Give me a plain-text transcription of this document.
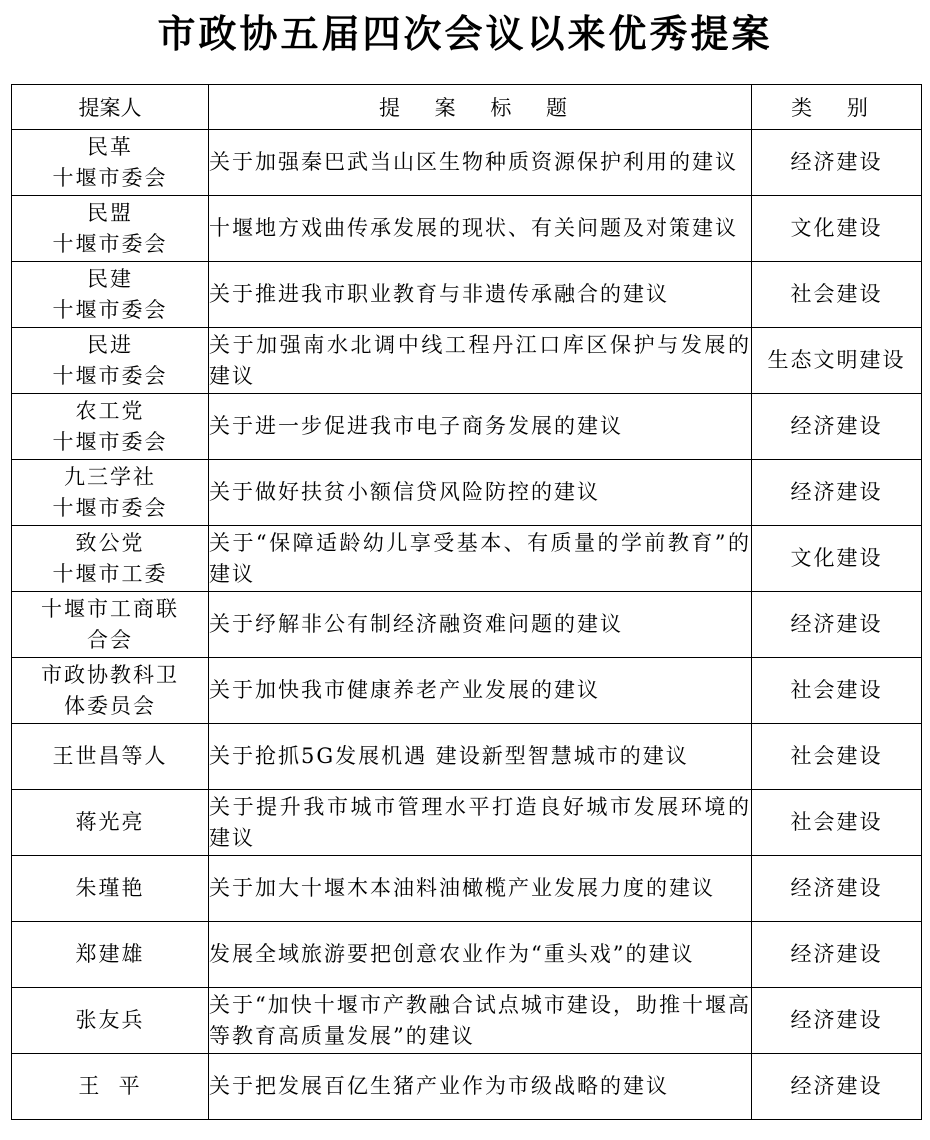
市政协五届四次会议以来优秀提案
提案人	提 案 标 题	类 别

民革
十堰市委会	关于加强秦巴武当山区生物种质资源保护利用的建议	经济建设

民盟
十堰市委会	十堰地方戏曲传承发展的现状、有关问题及对策建议	文化建设

民建
十堰市委会	关于推进我市职业教育与非遗传承融合的建议	社会建设

民进
十堰市委会	关于加强南水北调中线工程丹江口库区保护与发展的建议	生态文明建设

农工党
十堰市委会	关于进一步促进我市电子商务发展的建议	经济建设

九三学社
十堰市委会	关于做好扶贫小额信贷风险防控的建议	经济建设

致公党
十堰市工委	关于“保障适龄幼儿享受基本、有质量的学前教育”的建议	文化建设

十堰市工商联
合会	关于纾解非公有制经济融资难问题的建议	经济建设

市政协教科卫
体委员会	关于加快我市健康养老产业发展的建议	社会建设

王世昌等人	关于抢抓5G发展机遇 建设新型智慧城市的建议	社会建设

蒋光亮	关于提升我市城市管理水平打造良好城市发展环境的建议	社会建设

朱瑾艳	关于加大十堰木本油料油橄榄产业发展力度的建议	经济建设

郑建雄	发展全域旅游要把创意农业作为“重头戏”的建议	经济建设

张友兵	关于“加快十堰市产教融合试点城市建设，助推十堰高等教育高质量发展”的建议	经济建设

王  平	关于把发展百亿生猪产业作为市级战略的建议	经济建设
